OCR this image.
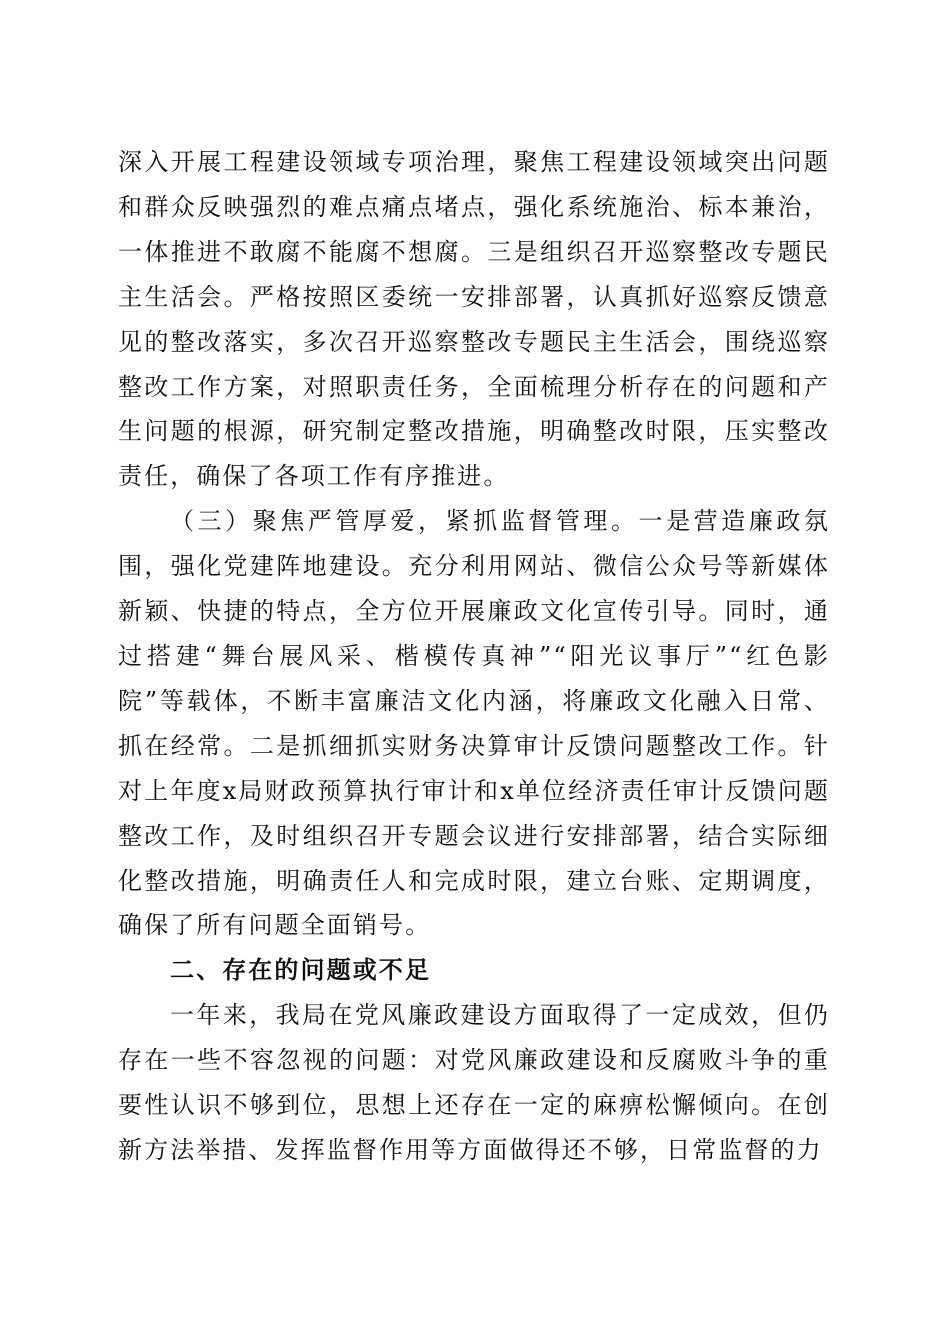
深入开展工程建设领域专项治理，聚焦工程建设领域突出问题和群众反映强烈的难点痛点堵点，强化系统施治、标本兼治，一体推进不敢腐不能腐不想腐。三是组织召开巡察整改专题民主生活会。严格按照区委统一安排部署，认真抓好巡察反馈意见的整改落实，多次召开巡察整改专题民主生活会，围绕巡察整改工作方案，对照职责任务，全面梳理分析存在的问题和产生问题的根源，研究制定整改措施，明确整改时限，压实整改责任，确保了各项工作有序推进。

（三）聚焦严管厚爱，紧抓监督管理。一是营造廉政氛围，强化党建阵地建设。充分利用网站、微信公众号等新媒体新颖、快捷的特点，全方位开展廉政文化宣传引导。同时，通过搭建“舞台展风采、楷模传真神”“阳光议事厅”“红色影院”等载体，不断丰富廉洁文化内涵，将廉政文化融入日常、抓在经常。二是抓细抓实财务决算审计反馈问题整改工作。针对上年度x局财政预算执行审计和x单位经济责任审计反馈问题整改工作，及时组织召开专题会议进行安排部署，结合实际细化整改措施，明确责任人和完成时限，建立台账、定期调度，确保了所有问题全面销号。

二、存在的问题或不足

一年来，我局在党风廉政建设方面取得了一定成效，但仍存在一些不容忽视的问题：对党风廉政建设和反腐败斗争的重要性认识不够到位，思想上还存在一定的麻痹松懈倾向。在创新方法举措、发挥监督作用等方面做得还不够，日常监督的力
